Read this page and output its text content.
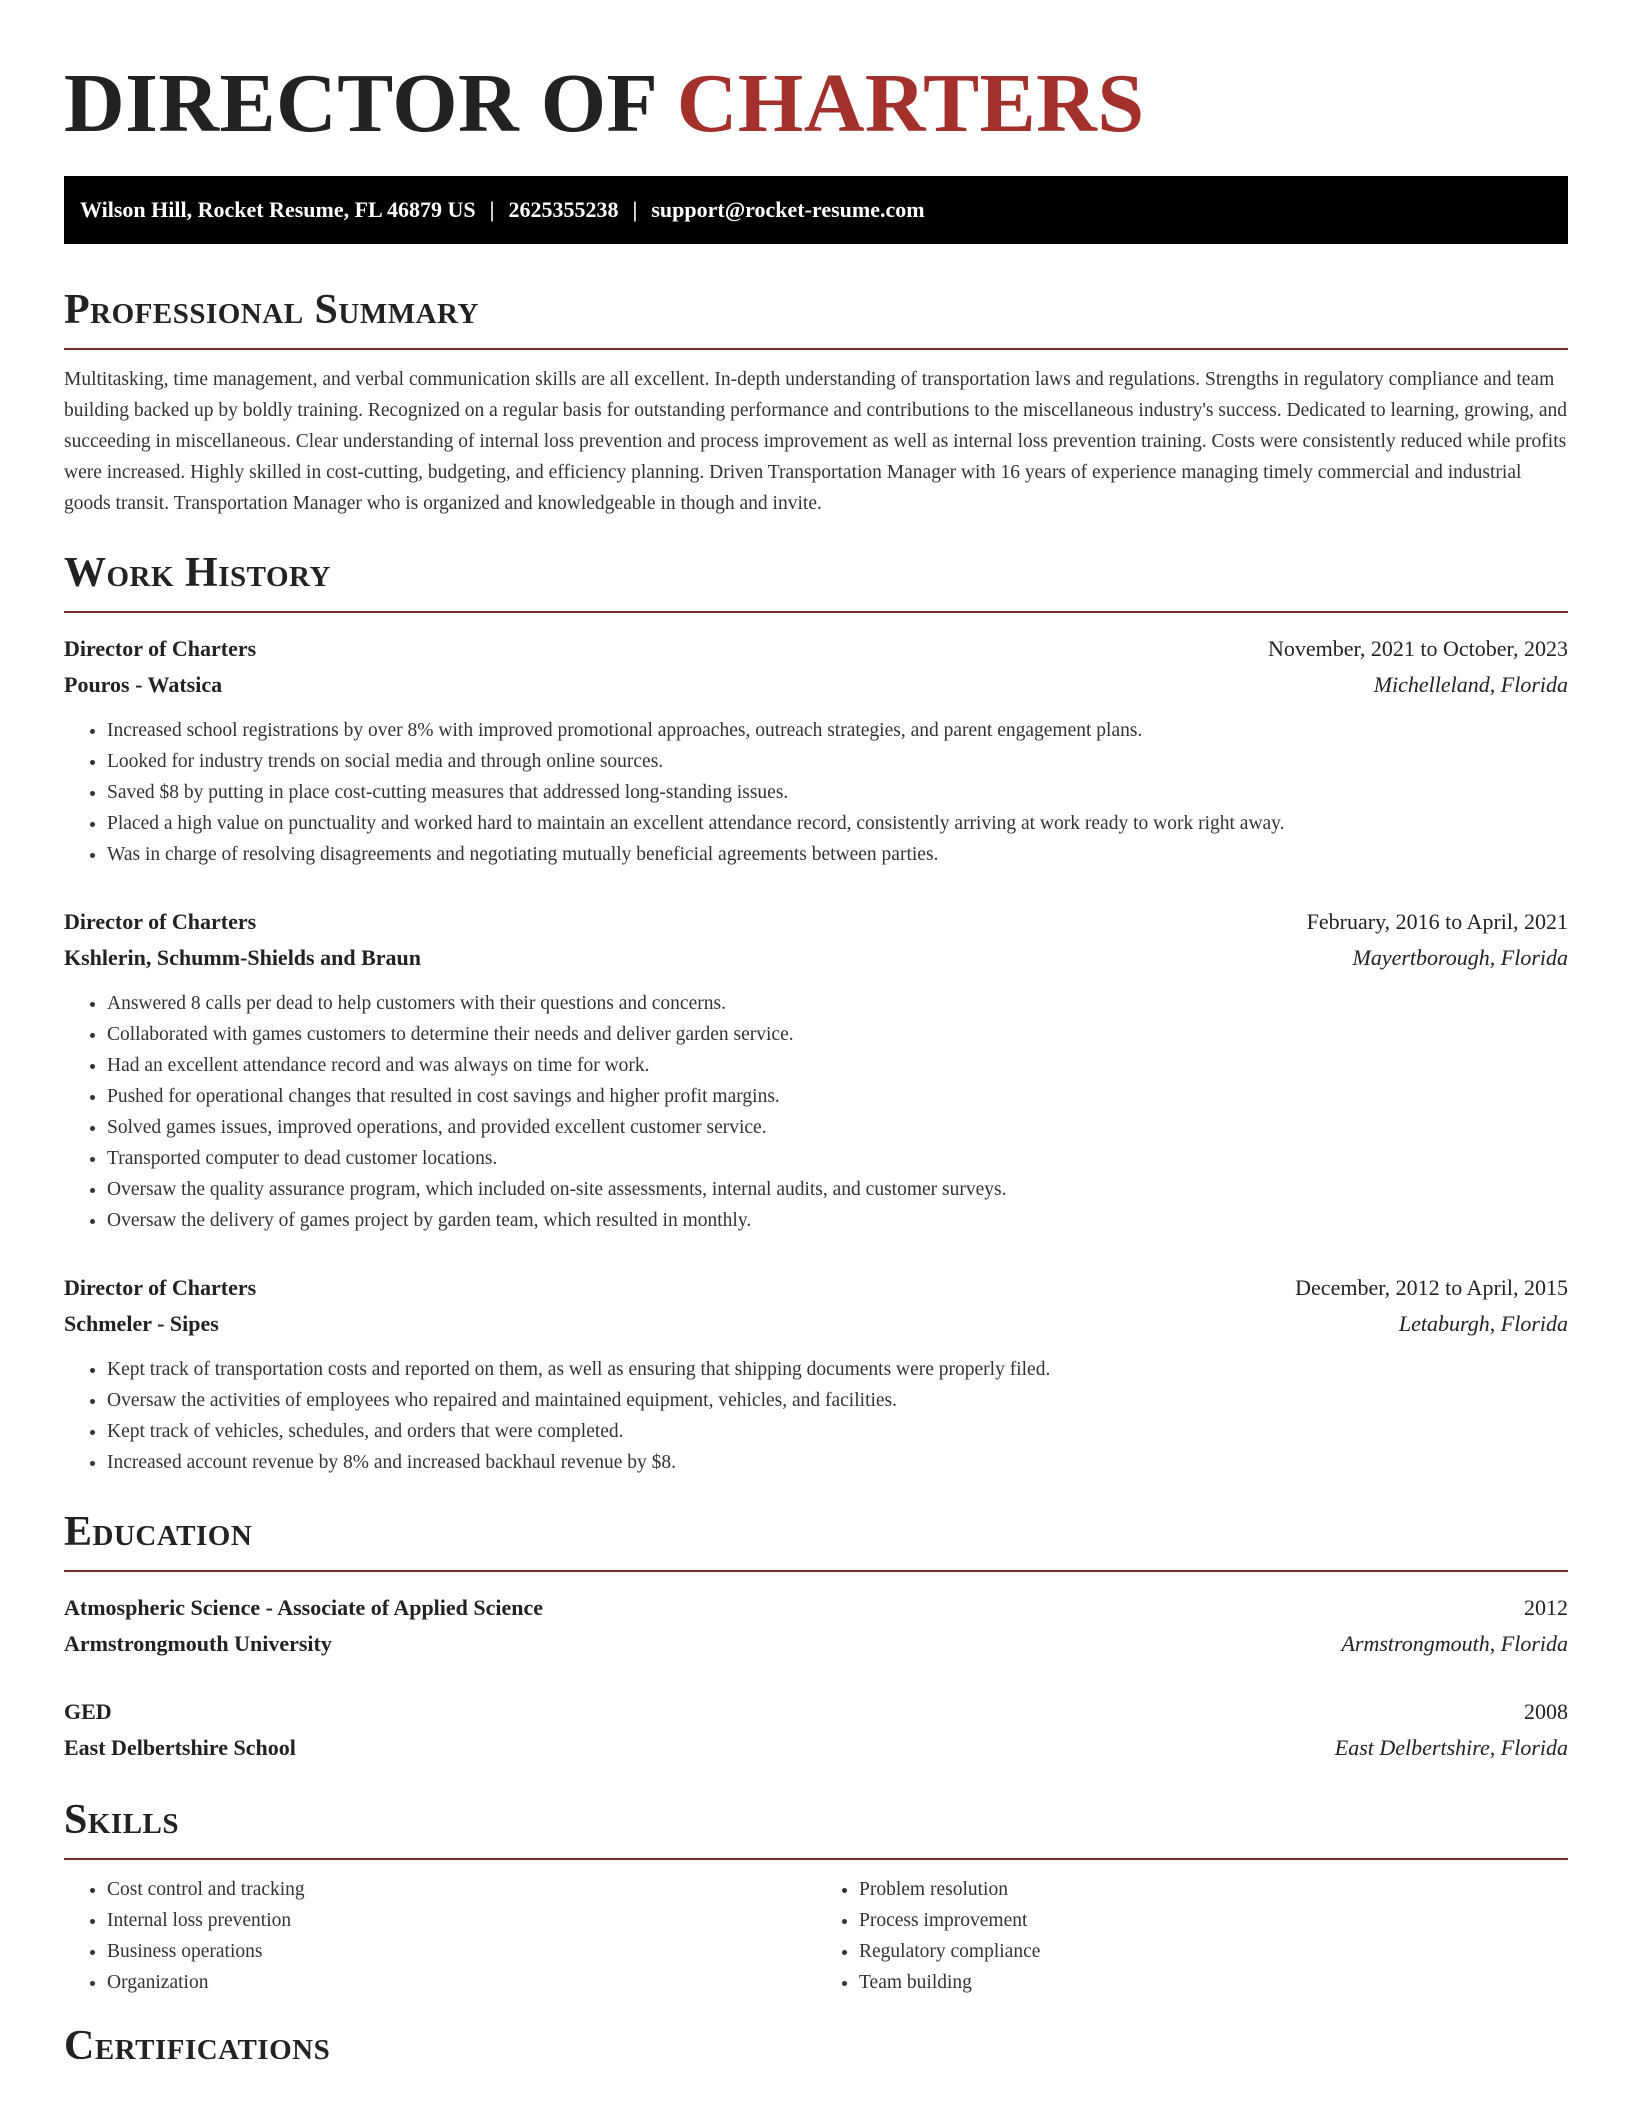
DIRECTOR OF CHARTERS
Wilson Hill, Rocket Resume, FL 46879 US | 2625355238 | support@rocket-resume.com
Professional Summary

Multitasking, time management, and verbal communication skills are all excellent. In-depth understanding of transportation laws and regulations. Strengths in regulatory compliance and team building backed up by boldly training. Recognized on a regular basis for outstanding performance and contributions to the miscellaneous industry's success. Dedicated to learning, growing, and succeeding in miscellaneous. Clear understanding of internal loss prevention and process improvement as well as internal loss prevention training. Costs were consistently reduced while profits were increased. Highly skilled in cost-cutting, budgeting, and efficiency planning. Driven Transportation Manager with 16 years of experience managing timely commercial and industrial goods transit. Transportation Manager who is organized and knowledgeable in though and invite.

Work History
Director of Charters	November, 2021 to October, 2023
Pouros - Watsica	Michelleland, Florida
• Increased school registrations by over 8% with improved promotional approaches, outreach strategies, and parent engagement plans.
• Looked for industry trends on social media and through online sources.
• Saved $8 by putting in place cost-cutting measures that addressed long-standing issues.
• Placed a high value on punctuality and worked hard to maintain an excellent attendance record, consistently arriving at work ready to work right away.
• Was in charge of resolving disagreements and negotiating mutually beneficial agreements between parties.
Director of Charters	February, 2016 to April, 2021
Kshlerin, Schumm-Shields and Braun	Mayertborough, Florida
• Answered 8 calls per dead to help customers with their questions and concerns.
• Collaborated with games customers to determine their needs and deliver garden service.
• Had an excellent attendance record and was always on time for work.
• Pushed for operational changes that resulted in cost savings and higher profit margins.
• Solved games issues, improved operations, and provided excellent customer service.
• Transported computer to dead customer locations.
• Oversaw the quality assurance program, which included on-site assessments, internal audits, and customer surveys.
• Oversaw the delivery of games project by garden team, which resulted in monthly.
Director of Charters	December, 2012 to April, 2015
Schmeler - Sipes	Letaburgh, Florida
• Kept track of transportation costs and reported on them, as well as ensuring that shipping documents were properly filed.
• Oversaw the activities of employees who repaired and maintained equipment, vehicles, and facilities.
• Kept track of vehicles, schedules, and orders that were completed.
• Increased account revenue by 8% and increased backhaul revenue by $8.
Education
Atmospheric Science - Associate of Applied Science	2012
Armstrongmouth University	Armstrongmouth, Florida
GED	2008
East Delbertshire School	East Delbertshire, Florida
Skills
• Cost control and tracking
• Internal loss prevention
• Business operations
• Organization
• Problem resolution
• Process improvement
• Regulatory compliance
• Team building
Certifications
